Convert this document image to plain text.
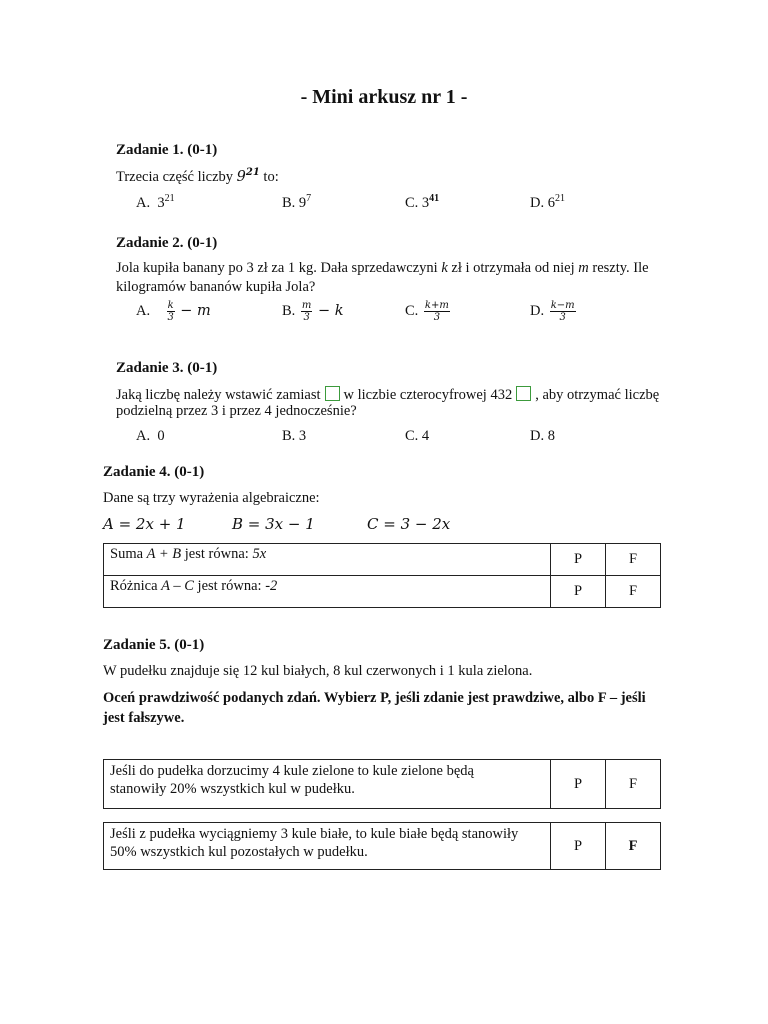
- Mini arkusz nr 1 -
Zadanie 1. (0-1)
Trzecia część liczby $9^{21}$ to:
A. $3^{21}$	B. $9^7$	C. $3^{41}$	D. $6^{21}$
Zadanie 2. (0-1)
Jola kupiła banany po 3 zł za 1 kg. Dała sprzedawczyni k zł i otrzymała od niej m reszty. Ile
kilogramów bananów kupiła Jola?
A. $\frac{k}{3} - m$	B. $\frac{m}{3} - k$	C. $\frac{k+m}{3}$	D. $\frac{k-m}{3}$
Zadanie 3. (0-1)
Jaką liczbę należy wstawić zamiast w liczbie czterocyfrowej 432 , aby otrzymać liczbę
podzielną przez 3 i przez 4 jednocześnie?
A. 0	B. 3	C. 4	D. 8
Zadanie 4. (0-1)
Dane są trzy wyrażenia algebraiczne:
A = 2x + 1	B = 3x − 1	C = 3 − 2x
Suma A + B jest równa: 5x	P	F
Różnica A – C jest równa: -2	P	F
Zadanie 5. (0-1)
W pudełku znajduje się 12 kul białych, 8 kul czerwonych i 1 kula zielona.
Oceń prawdziwość podanych zdań. Wybierz P, jeśli zdanie jest prawdziwe, albo F – jeśli jest fałszywe.
Jeśli do pudełka dorzucimy 4 kule zielone to kule zielone będą
stanowiły 20% wszystkich kul w pudełku.	P	F
Jeśli z pudełka wyciągniemy 3 kule białe, to kule białe będą stanowiły
50% wszystkich kul pozostałych w pudełku.	P	F
